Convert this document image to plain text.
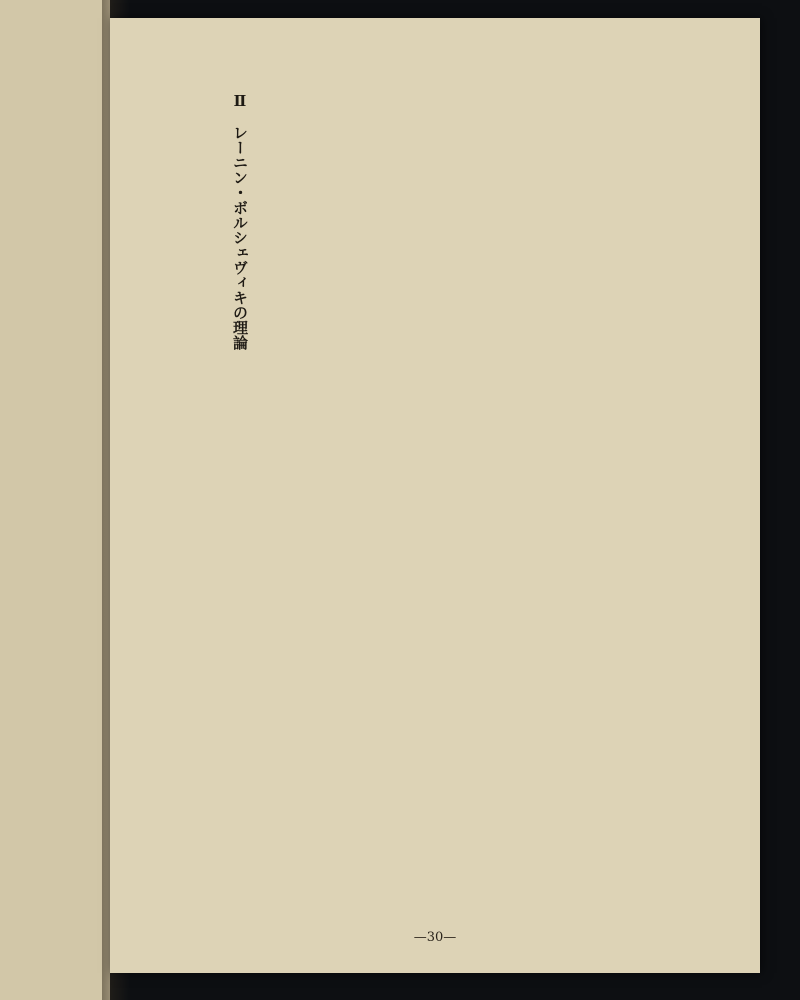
Ⅱ　レーニン・ボルシェヴィキの理論
—30—
